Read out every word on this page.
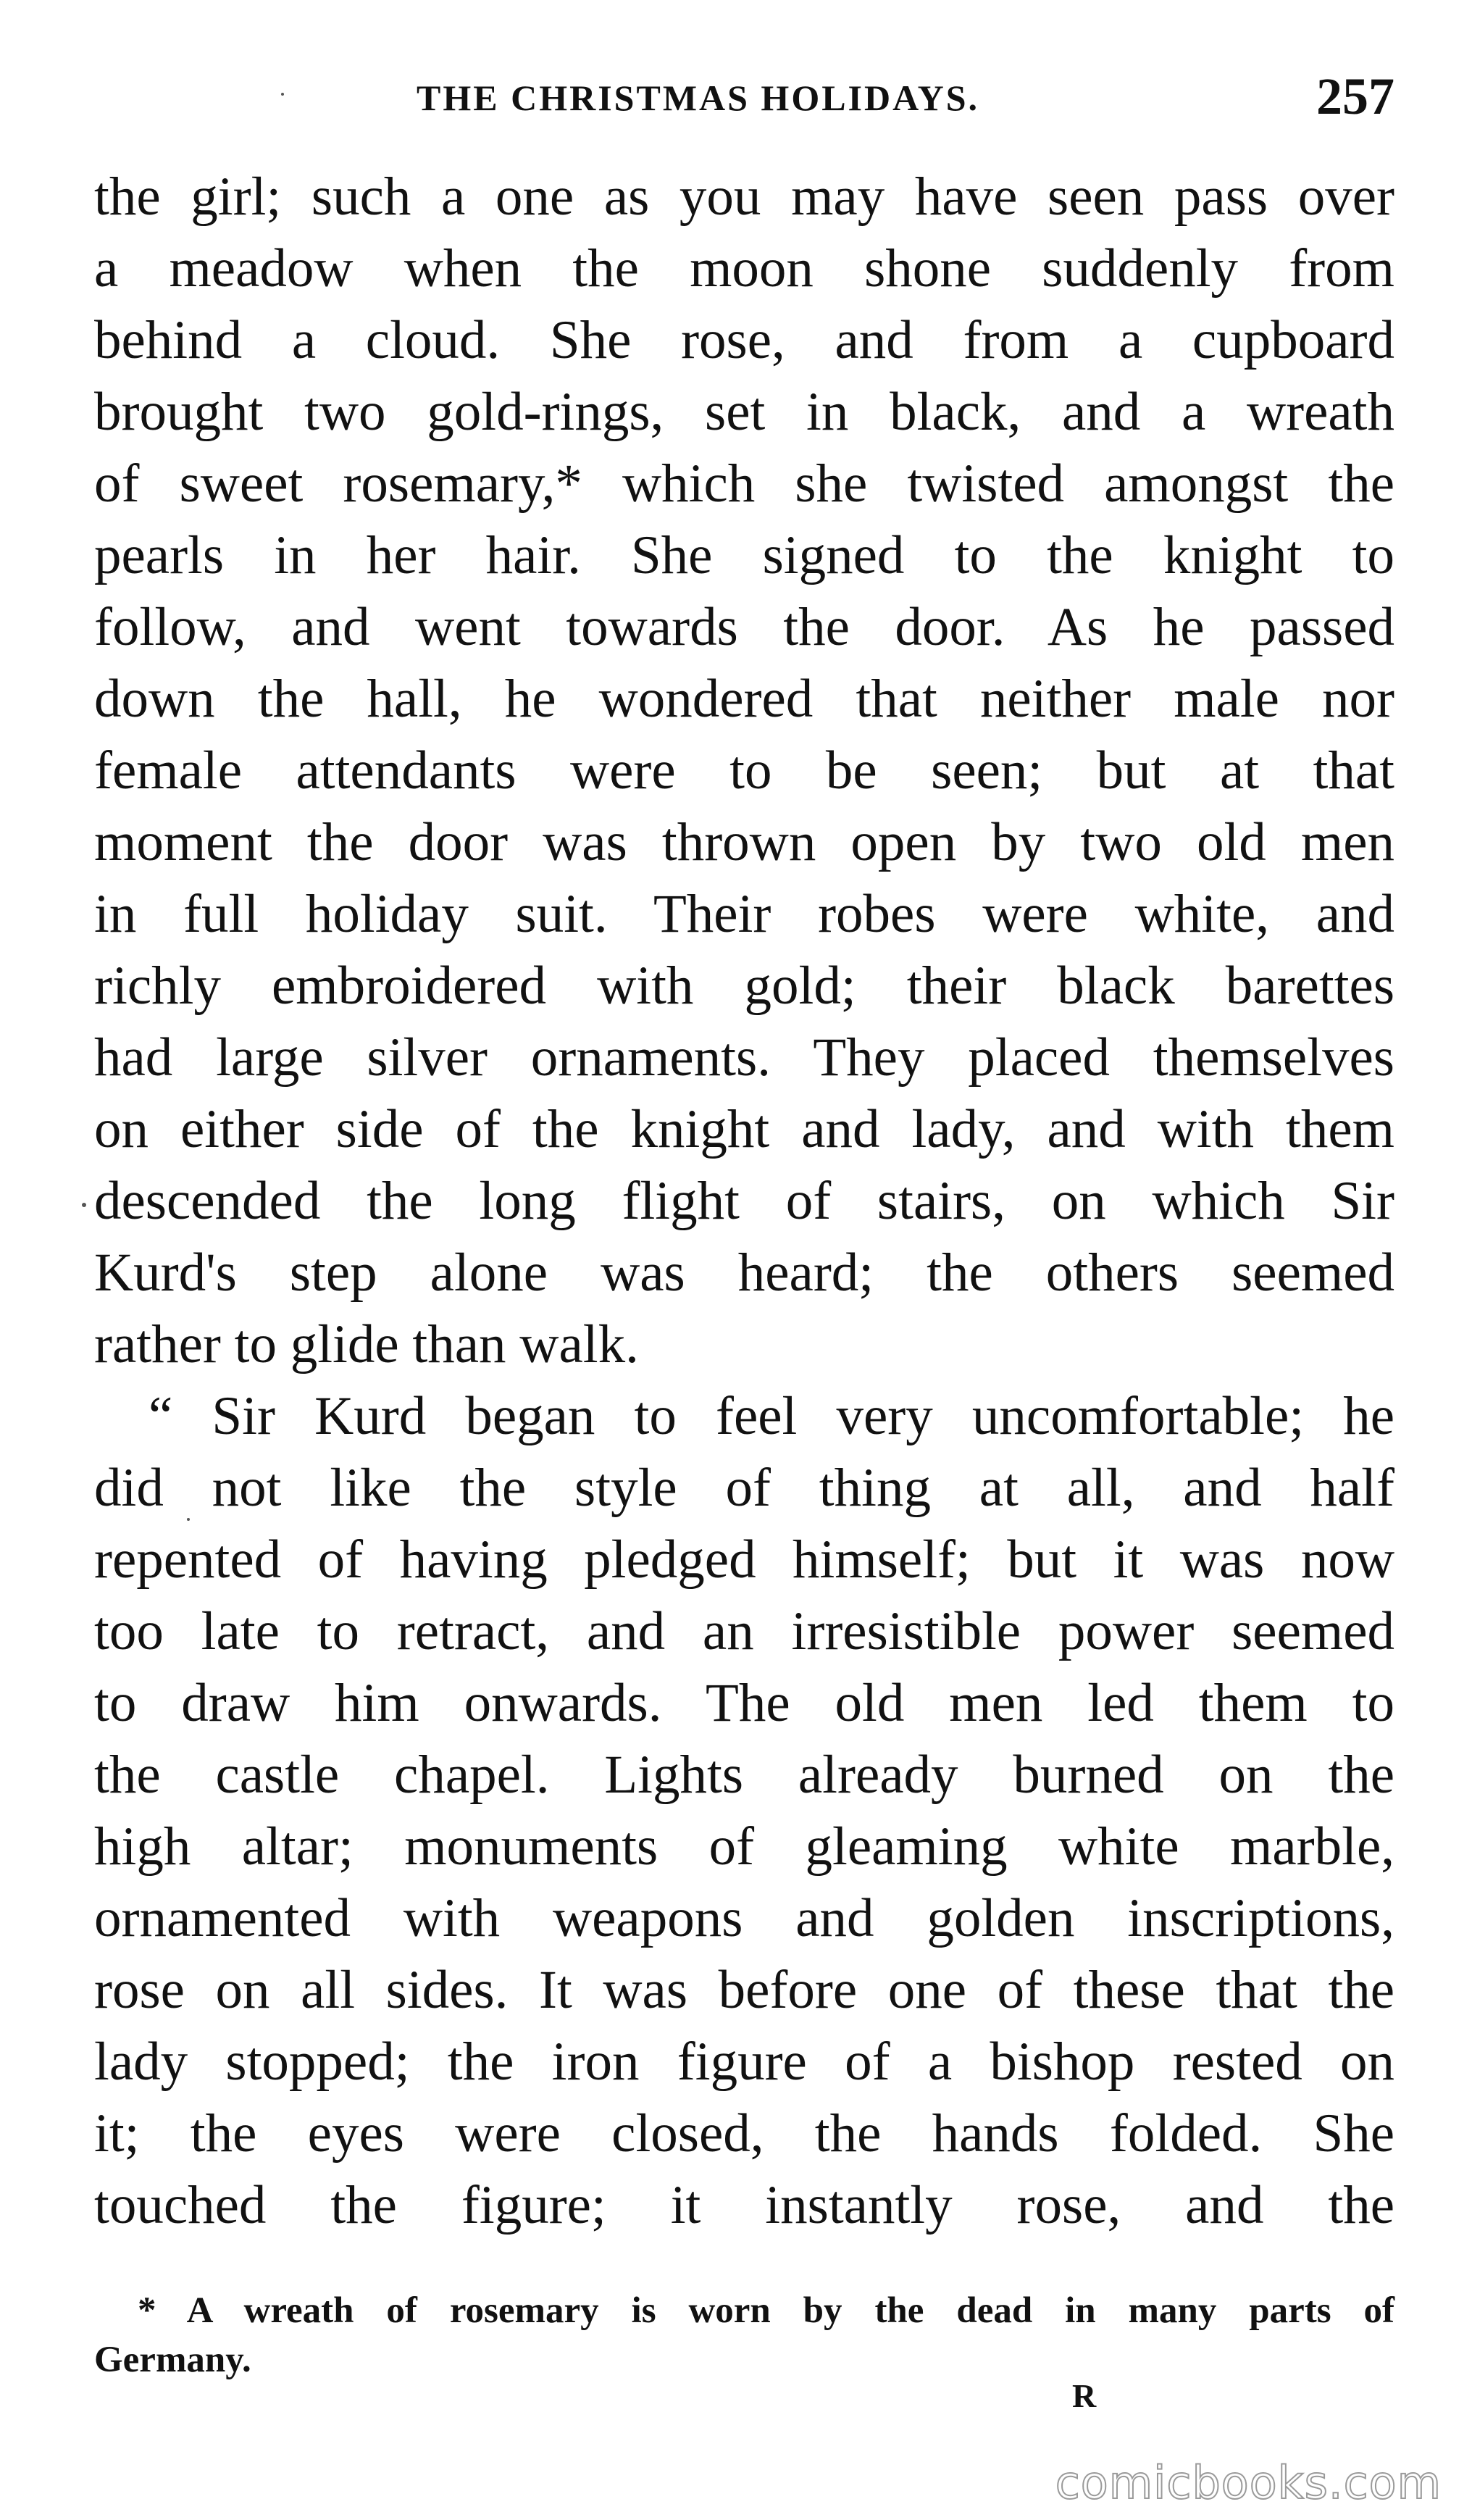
THE CHRISTMAS HOLIDAYS.	257
the girl; such a one as you may have seen pass over
a meadow when the moon shone suddenly from
behind a cloud. She rose, and from a cupboard
brought two gold-rings, set in black, and a wreath
of sweet rosemary,* which she twisted amongst the
pearls in her hair. She signed to the knight to
follow, and went towards the door. As he passed
down the hall, he wondered that neither male nor
female attendants were to be seen; but at that
moment the door was thrown open by two old men
in full holiday suit. Their robes were white, and
richly embroidered with gold; their black barettes
had large silver ornaments. They placed themselves
on either side of the knight and lady, and with them
descended the long flight of stairs, on which Sir
Kurd's step alone was heard; the others seemed
rather to glide than walk.
“ Sir Kurd began to feel very uncomfortable; he
did not like the style of thing at all, and half
repented of having pledged himself; but it was now
too late to retract, and an irresistible power seemed
to draw him onwards. The old men led them to
the castle chapel. Lights already burned on the
high altar; monuments of gleaming white marble,
ornamented with weapons and golden inscriptions,
rose on all sides. It was before one of these that the
lady stopped; the iron figure of a bishop rested on
it; the eyes were closed, the hands folded. She
touched the figure; it instantly rose, and the
* A wreath of rosemary is worn by the dead in many parts of
Germany.
R
comicbooks.com
